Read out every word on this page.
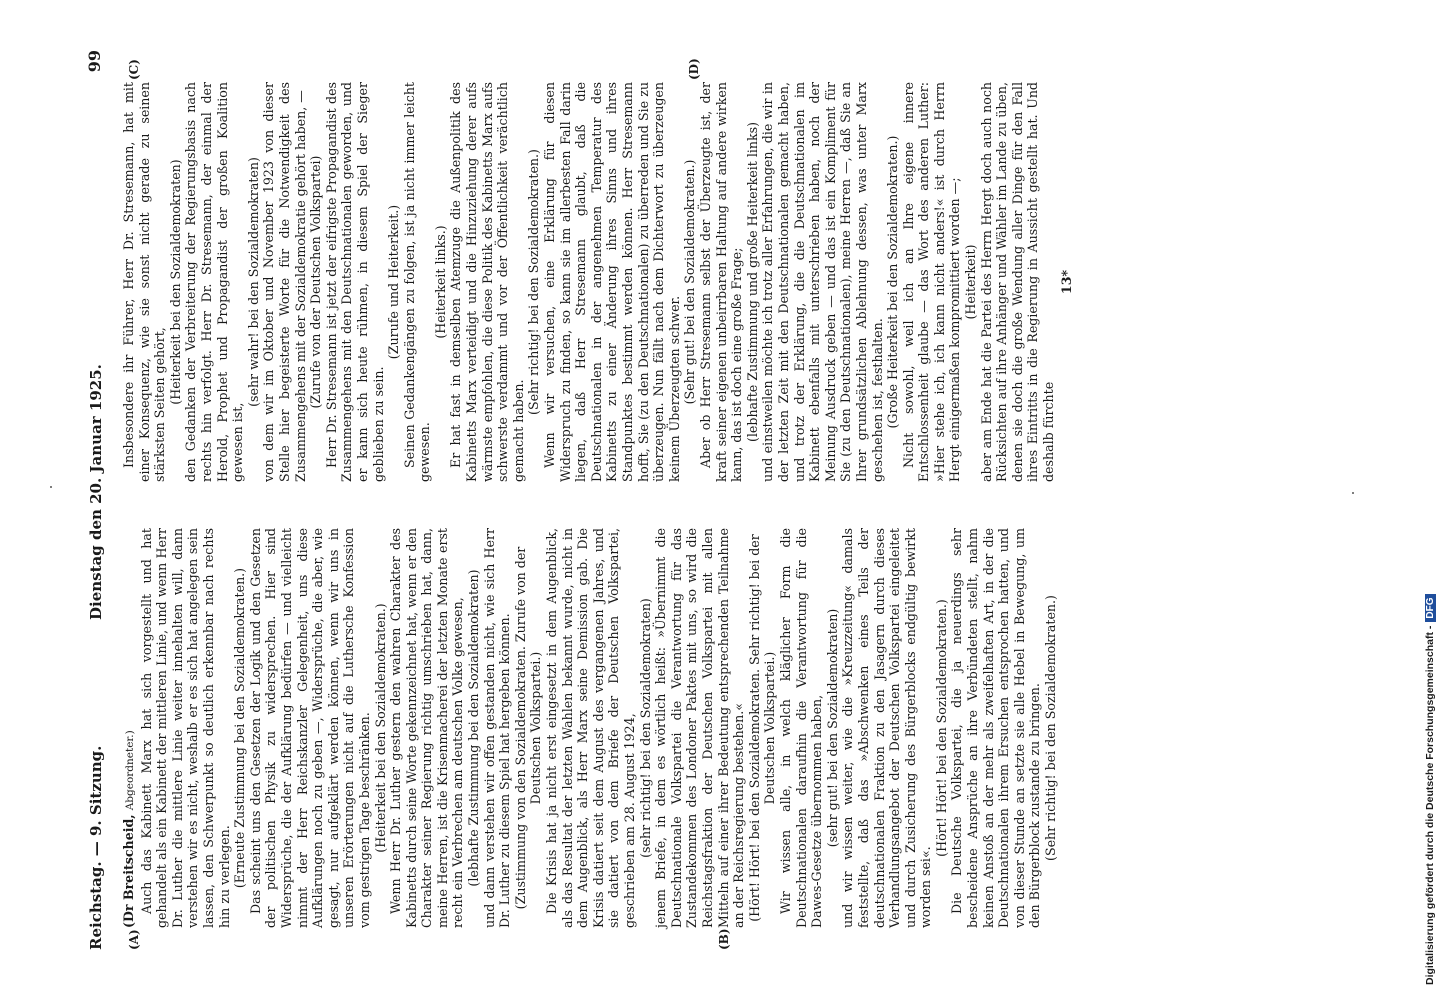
Reichstag. — 9. Sitzung.
Dienstag den 20. Januar 1925.
99
(A)	(B)
(C)	(D)

(Dr Breitscheid, Abgeordneter.) Auch das Kabinett Marx hat sich vorgestellt und hat gehandelt als ein Kabinett der mittleren Linie, und wenn Herr Dr. Luther die mittlere Linie weiter innehalten will, dann verstehen wir es nicht, weshalb er es sich hat angelegen sein lassen, den Schwerpunkt so deutlich erkennbar nach rechts hin zu verlegen. (Erneute Zustimmung bei den Sozialdemokraten.) Das scheint uns den Gesetzen der Logik und den Gesetzen der politischen Physik zu widersprechen. Hier sind Widersprüche, die der Aufklärung bedürfen — und vielleicht nimmt der Herr Reichskanzler Gelegenheit, uns diese Aufklärungen noch zu geben —, Widersprüche, die aber, wie gesagt, nur aufgeklärt werden können, wenn wir uns in unseren Erörterungen nicht auf die Luthersche Konfession vom gestrigen Tage beschränken. (Heiterkeit bei den Sozialdemokraten.) Wenn Herr Dr. Luther gestern den wahren Charakter des Kabinetts durch seine Worte gekennzeichnet hat, wenn er den Charakter seiner Regierung richtig umschrieben hat, dann, meine Herren, ist die Krisenmacherei der letzten Monate erst recht ein Verbrechen am deutschen Volke gewesen, (lebhafte Zustimmung bei den Sozialdemokraten) und dann verstehen wir offen gestanden nicht, wie sich Herr Dr. Luther zu diesem Spiel hat hergeben können. (Zustimmung von den Sozialdemokraten. Zurufe von der Deutschen Volkspartei.) Die Krisis hat ja nicht erst eingesetzt in dem Augenblick, als das Resultat der letzten Wahlen bekannt wurde, nicht in dem Augenblick, als Herr Marx seine Demission gab. Die Krisis datiert seit dem August des vergangenen Jahres, und sie datiert von dem Briefe der Deutschen Volkspartei, geschrieben am 28. August 1924, (sehr richtig! bei den Sozialdemokraten) jenem Briefe, in dem es wörtlich heißt: »Übernimmt die Deutschnationale Volkspartei die Verantwortung für das Zustandekommen des Londoner Paktes mit uns, so wird die Reichstagsfraktion der Deutschen Volkspartei mit allen Mitteln auf einer ihrer Bedeutung entsprechenden Teilnahme an der Reichsregierung bestehen.« (Hört! Hört! bei den Sozialdemokraten. Sehr richtig! bei der Deutschen Volkspartei.) Wir wissen alle, in welch kläglicher Form die Deutschnationalen daraufhin die Verantwortung für die Dawes-Gesetze übernommen haben, (sehr gut! bei den Sozialdemokraten) und wir wissen weiter, wie die »Kreuzzeitung« damals feststellte, daß das »Abschwenken eines Teils der deutschnationalen Fraktion zu den Jasagern durch dieses Verhandlungsangebot der Deutschen Volkspartei eingeleitet und durch Zusicherung des Bürgerblocks endgültig bewirkt worden sei«.

(Hört! Hört! bei den Sozialdemokraten.) Die Deutsche Volkspartei, die ja neuerdings sehr bescheidene Ansprüche an ihre Verbündeten stellt, nahm keinen Anstoß an der mehr als zweifelhaften Art, in der die Deutschnationalen ihrem Ersuchen entsprochen hatten, und von dieser Stunde an setzte sie alle Hebel in Bewegung, um den Bürgerblock zustande zu bringen. (Sehr richtig! bei den Sozialdemokraten.)

Insbesondere ihr Führer, Herr Dr. Stresemann, hat mit einer Konsequenz, wie sie sonst nicht gerade zu seinen stärksten Seiten gehört, (Heiterkeit bei den Sozialdemokraten) den Gedanken der Verbreiterung der Regierungsbasis nach rechts hin verfolgt. Herr Dr. Stresemann, der einmal der Herold, Prophet und Propagandist der großen Koalition gewesen ist,

(sehr wahr! bei den Sozialdemokraten) von dem wir im Oktober und November 1923 von dieser Stelle hier begeisterte Worte für die Notwendigkeit des Zusammengehens mit der Sozialdemokratie gehört haben, — (Zurufe von der Deutschen Volkspartei) Herr Dr. Stresemann ist jetzt der eifrigste Propagandist des Zusammengehens mit den Deutschnationalen geworden, und er kann sich heute rühmen, in diesem Spiel der Sieger geblieben zu sein.

(Zurufe und Heiterkeit.) Seinen Gedankengängen zu folgen, ist ja nicht immer leicht gewesen.

(Heiterkeit links.) Er hat fast in demselben Atemzuge die Außenpolitik des Kabinetts Marx verteidigt und die Hinzuziehung derer aufs wärmste empfohlen, die diese Politik des Kabinetts Marx aufs schwerste verdammt und vor der Öffentlichkeit verächtlich gemacht haben.

(Sehr richtig! bei den Sozialdemokraten.) Wenn wir versuchen, eine Erklärung für diesen Widerspruch zu finden, so kann sie im allerbesten Fall darin liegen, daß Herr Stresemann glaubt, daß die Deutschnationalen in der angenehmen Temperatur des Kabinetts zu einer Änderung ihres Sinns und ihres Standpunktes bestimmt werden können. Herr Stresemann hofft, Sie (zu den Deutschnationalen) zu überreden und Sie zu überzeugen. Nun fällt nach dem Dichterwort zu überzeugen keinem Überzeugten schwer. (Sehr gut! bei den Sozialdemokraten.) Aber ob Herr Stresemann selbst der Überzeugte ist, der kraft seiner eigenen unbeirrbaren Haltung auf andere wirken kann, das ist doch eine große Frage; (lebhafte Zustimmung und große Heiterkeit links) und einstweilen möchte ich trotz aller Erfahrungen, die wir in der letzten Zeit mit den Deutschnationalen gemacht haben, und trotz der Erklärung, die die Deutschnationalen im Kabinett ebenfalls mit unterschrieben haben, noch der Meinung Ausdruck geben — und das ist ein Kompliment für Sie (zu den Deutschnationalen), meine Herren —, daß Sie an Ihrer grundsätzlichen Ablehnung dessen, was unter Marx geschehen ist, festhalten. (Große Heiterkeit bei den Sozialdemokraten.) Nicht sowohl, weil ich an Ihre eigene innere Entschlossenheit glaube — das Wort des anderen Luther: »Hier stehe ich, ich kann nicht anders!« ist durch Herrn Hergt einigermaßen kompromittiert worden —; (Heiterkeit) aber am Ende hat die Partei des Herrn Hergt doch auch noch Rücksichten auf ihre Anhänger und Wähler im Lande zu üben, denen sie doch die große Wendung aller Dinge für den Fall ihres Eintritts in die Regierung in Aussicht gestellt hat. Und deshalb fürchte

13*
Digitalisierung gefördert durch die Deutsche Forschungsgemeinschaft -DFG
